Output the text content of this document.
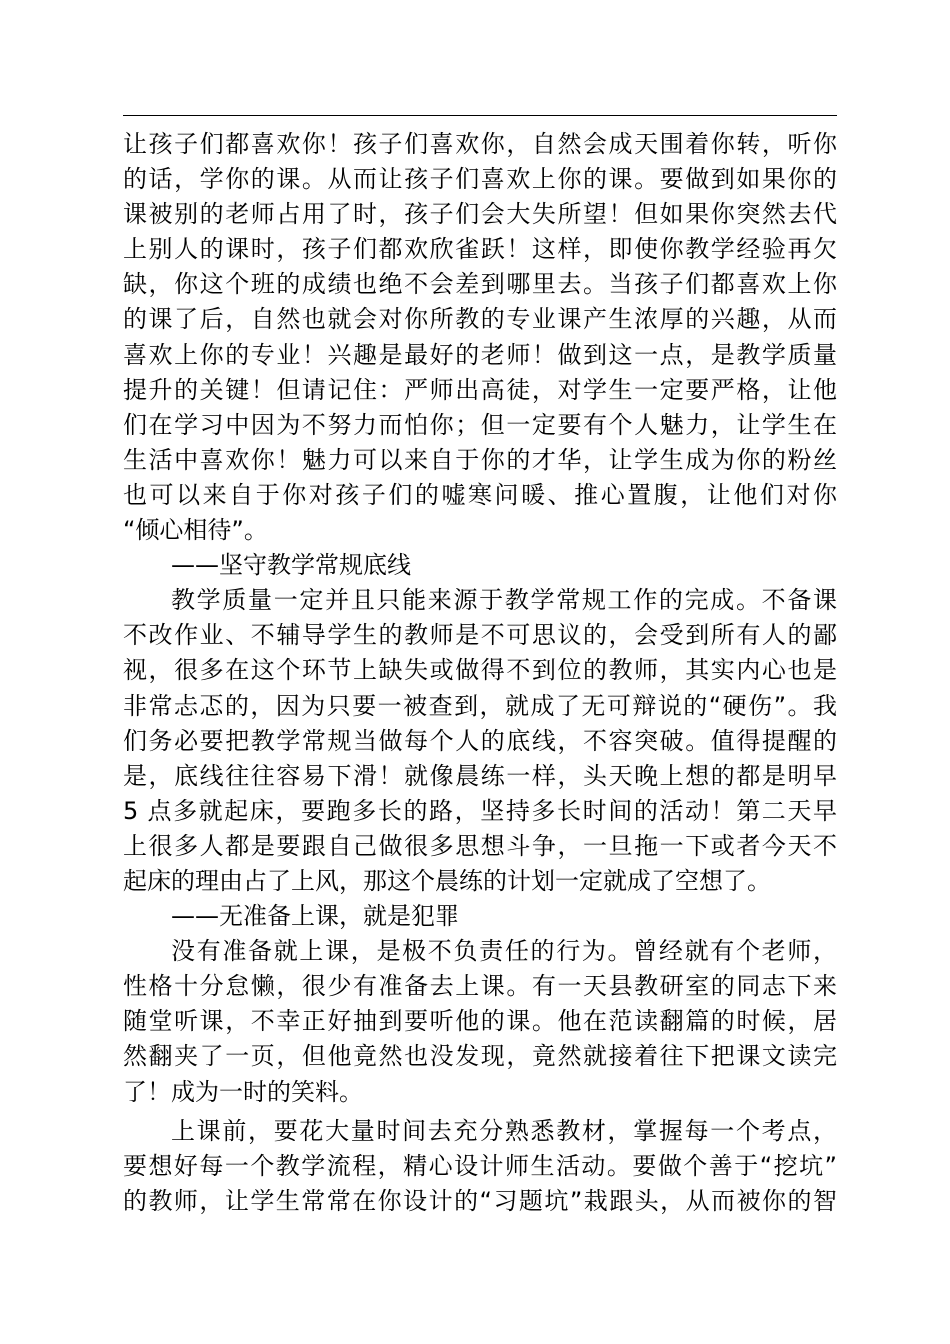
让孩子们都喜欢你！孩子们喜欢你，自然会成天围着你转，听你
的话，学你的课。从而让孩子们喜欢上你的课。要做到如果你的
课被别的老师占用了时，孩子们会大失所望！但如果你突然去代
上别人的课时，孩子们都欢欣雀跃！这样，即使你教学经验再欠
缺，你这个班的成绩也绝不会差到哪里去。当孩子们都喜欢上你
的课了后，自然也就会对你所教的专业课产生浓厚的兴趣，从而
喜欢上你的专业！兴趣是最好的老师！做到这一点，是教学质量
提升的关键！但请记住：严师出高徒，对学生一定要严格，让他
们在学习中因为不努力而怕你；但一定要有个人魅力，让学生在
生活中喜欢你！魅力可以来自于你的才华，让学生成为你的粉丝
也可以来自于你对孩子们的嘘寒问暖、推心置腹，让他们对你
“倾心相待”。
——坚守教学常规底线
教学质量一定并且只能来源于教学常规工作的完成。不备课
不改作业、不辅导学生的教师是不可思议的，会受到所有人的鄙
视，很多在这个环节上缺失或做得不到位的教师，其实内心也是
非常忐忑的，因为只要一被查到，就成了无可辩说的“硬伤”。我
们务必要把教学常规当做每个人的底线，不容突破。值得提醒的
是，底线往往容易下滑！就像晨练一样，头天晚上想的都是明早
5 点多就起床，要跑多长的路，坚持多长时间的活动！第二天早
上很多人都是要跟自己做很多思想斗争，一旦拖一下或者今天不
起床的理由占了上风，那这个晨练的计划一定就成了空想了。
——无准备上课，就是犯罪
没有准备就上课，是极不负责任的行为。曾经就有个老师，
性格十分怠懒，很少有准备去上课。有一天县教研室的同志下来
随堂听课，不幸正好抽到要听他的课。他在范读翻篇的时候，居
然翻夹了一页，但他竟然也没发现，竟然就接着往下把课文读完
了！成为一时的笑料。
上课前，要花大量时间去充分熟悉教材，掌握每一个考点，
要想好每一个教学流程，精心设计师生活动。要做个善于“挖坑”
的教师，让学生常常在你设计的“习题坑”栽跟头，从而被你的智
